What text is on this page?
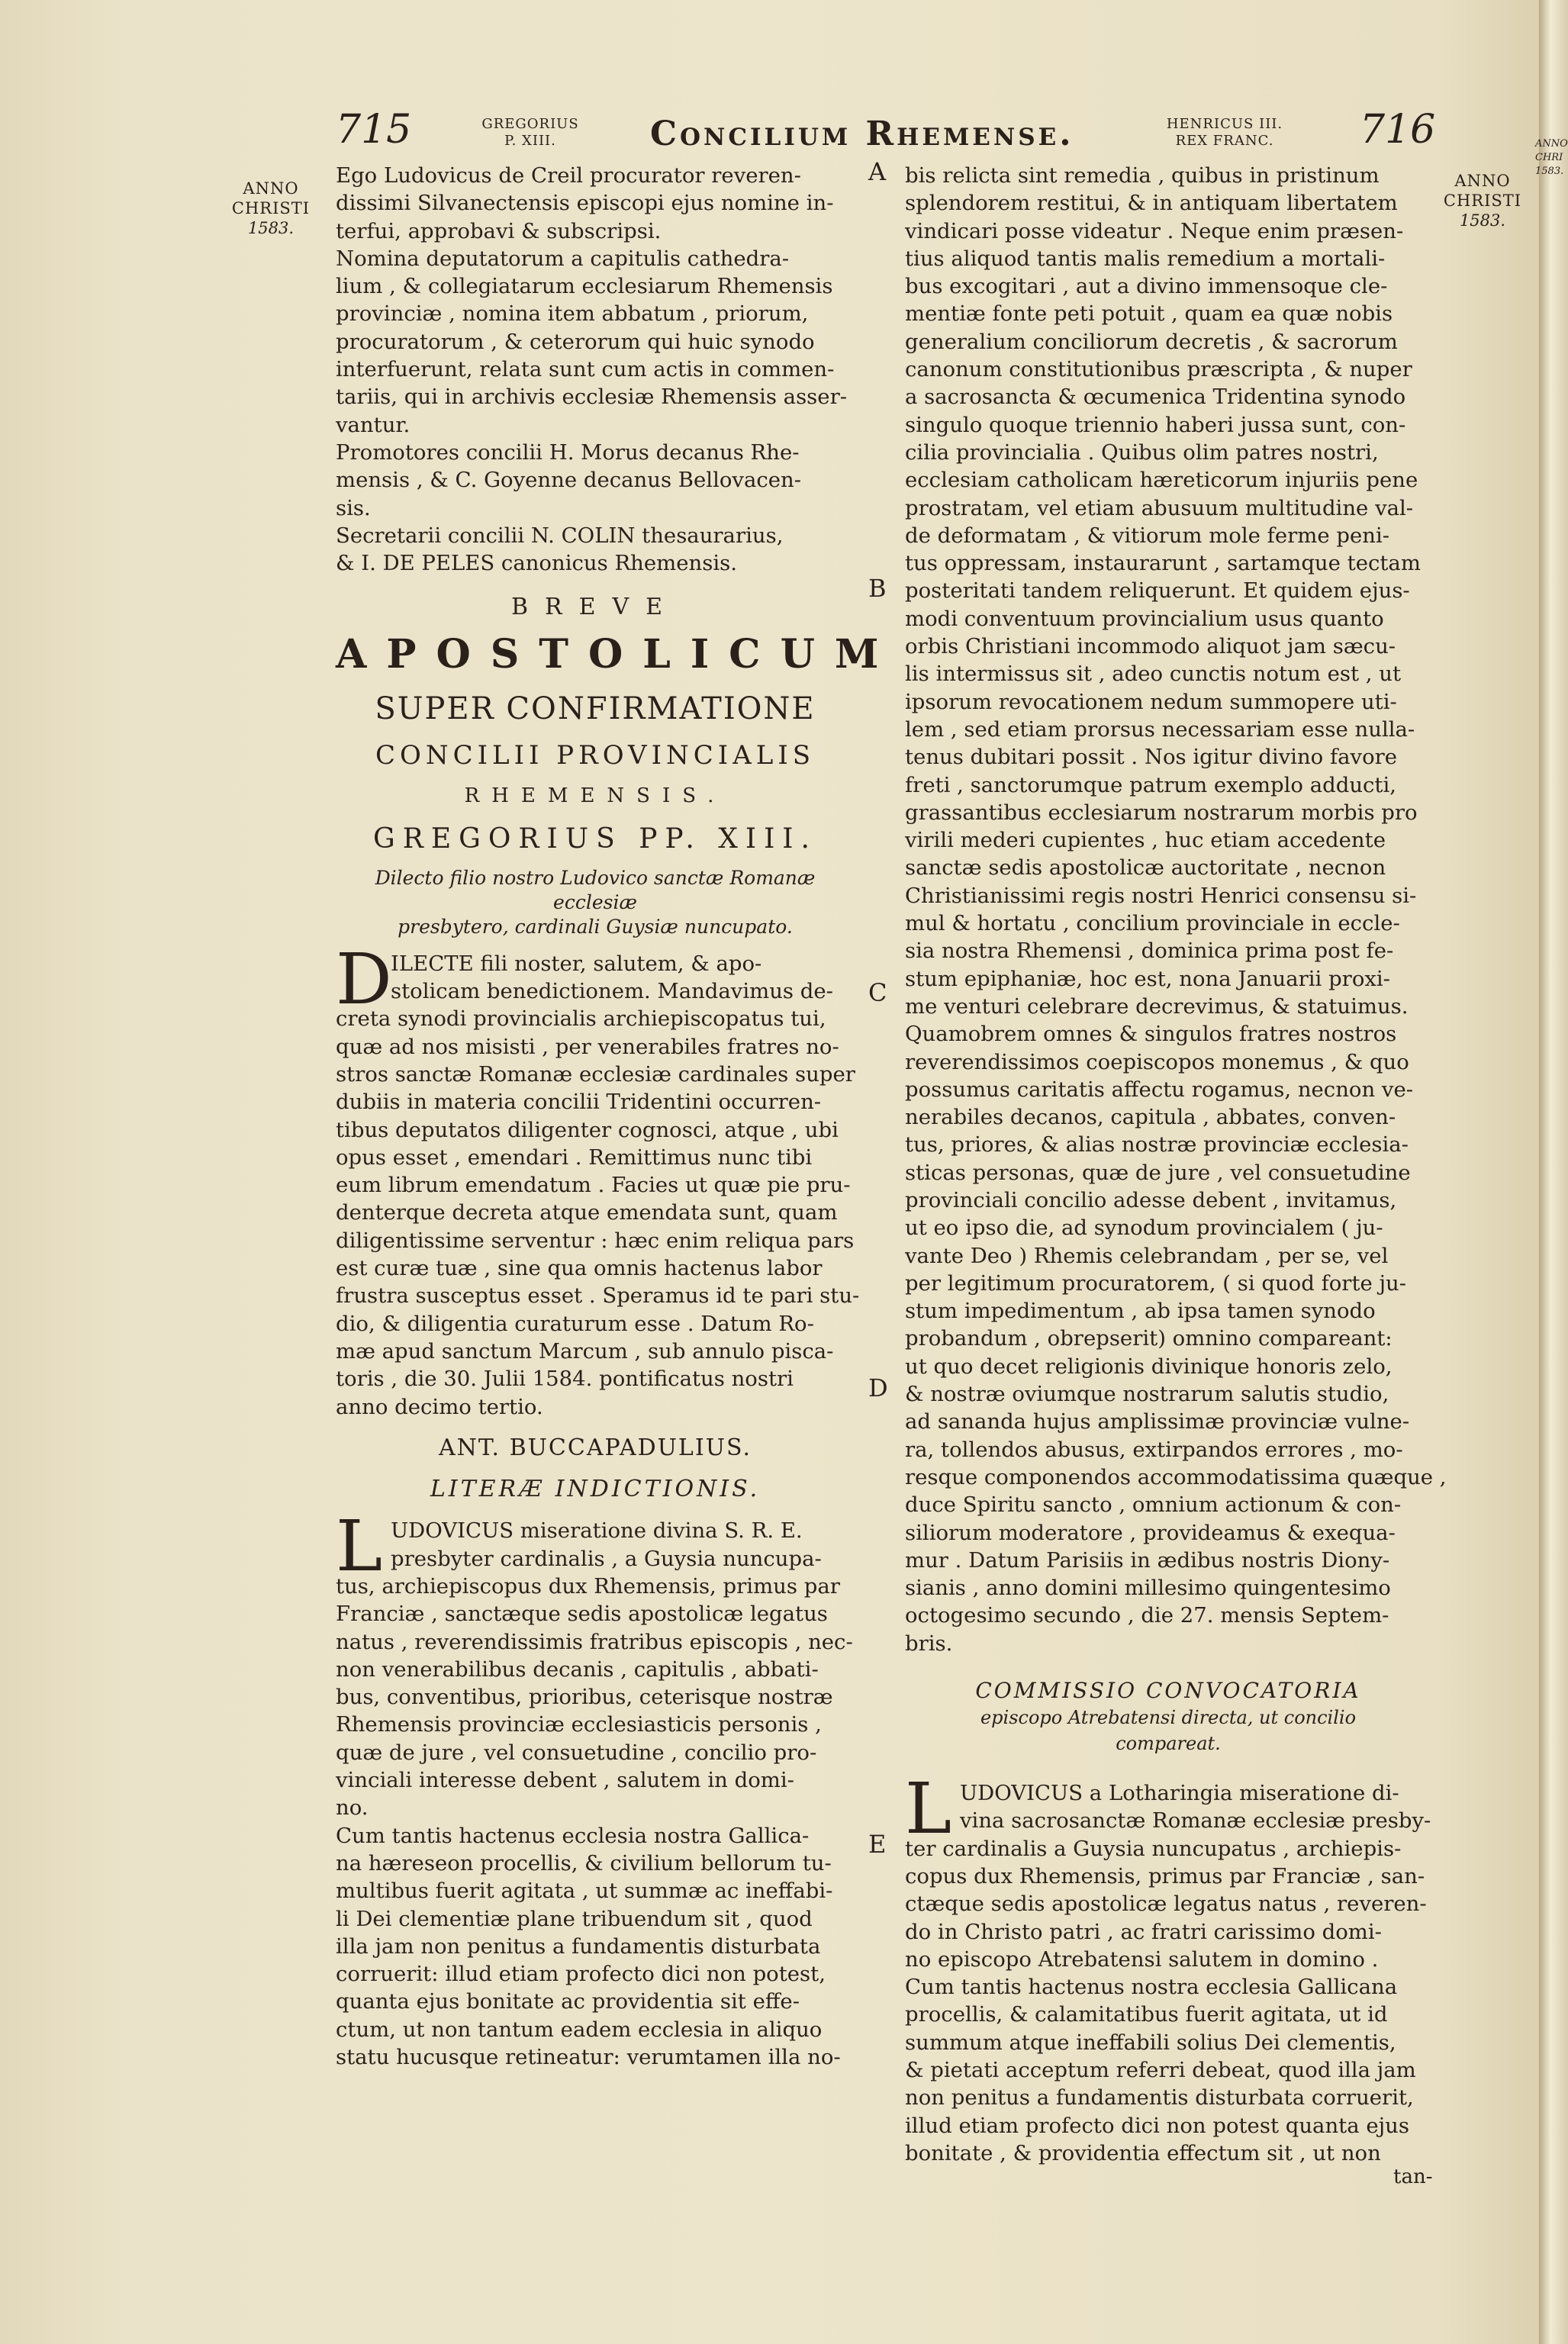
715	GREGORIUS
P. XIII.	Concilium Rhemense.	HENRICUS III.
REX FRANC.	716
ANNO
CHRISTI
1583.
ANNO
CHRISTI
1583.
ANNO
CHRI
1583.
A
B
C
D
E
Ego Ludovicus de Creil procurator reveren-
dissimi Silvanectensis episcopi ejus nomine in-
terfui, approbavi & subscripsi.
Nomina deputatorum a capitulis cathedra-
lium , & collegiatarum ecclesiarum Rhemensis
provinciæ , nomina item abbatum , priorum,
procuratorum , & ceterorum qui huic synodo
interfuerunt, relata sunt cum actis in commen-
tariis, qui in archivis ecclesiæ Rhemensis asser-
vantur.
Promotores concilii H. Morus decanus Rhe-
mensis , & C. Goyenne decanus Bellovacen-
sis.
Secretarii concilii N. COLIN thesaurarius,
& I. DE PELES canonicus Rhemensis.
BREVE
APOSTOLICUM
SUPER CONFIRMATIONE
CONCILII PROVINCIALIS
RHEMENSIS.
GREGORIUS PP. XIII.
Dilecto filio nostro Ludovico sanctæ Romanæ ecclesiæ
presbytero, cardinali Guysiæ nuncupato.
D
ILECTE fili noster, salutem, & apo-
stolicam benedictionem. Mandavimus de-
creta synodi provincialis archiepiscopatus tui,
quæ ad nos misisti , per venerabiles fratres no-
stros sanctæ Romanæ ecclesiæ cardinales super
dubiis in materia concilii Tridentini occurren-
tibus deputatos diligenter cognosci, atque , ubi
opus esset , emendari . Remittimus nunc tibi
eum librum emendatum . Facies ut quæ pie pru-
denterque decreta atque emendata sunt, quam
diligentissime serventur : hæc enim reliqua pars
est curæ tuæ , sine qua omnis hactenus labor
frustra susceptus esset . Speramus id te pari stu-
dio, & diligentia curaturum esse . Datum Ro-
mæ apud sanctum Marcum , sub annulo pisca-
toris , die 30. Julii 1584. pontificatus nostri
anno decimo tertio.
ANT. BUCCAPADULIUS.
LITERÆ INDICTIONIS.
L UDOVICUS miseratione divina S. R. E.
presbyter cardinalis , a Guysia nuncupa-
tus, archiepiscopus dux Rhemensis, primus par
Franciæ , sanctæque sedis apostolicæ legatus
natus , reverendissimis fratribus episcopis , nec-
non venerabilibus decanis , capitulis , abbati-
bus, conventibus, prioribus, ceterisque nostræ
Rhemensis provinciæ ecclesiasticis personis ,
quæ de jure , vel consuetudine , concilio pro-
vinciali interesse debent , salutem in domi-
no.
Cum tantis hactenus ecclesia nostra Gallica-
na hæreseon procellis, & civilium bellorum tu-
multibus fuerit agitata , ut summæ ac ineffabi-
li Dei clementiæ plane tribuendum sit , quod
illa jam non penitus a fundamentis disturbata
corruerit: illud etiam profecto dici non potest,
quanta ejus bonitate ac providentia sit effe-
ctum, ut non tantum eadem ecclesia in aliquo
statu hucusque retineatur: verumtamen illa no-
bis relicta sint remedia , quibus in pristinum
splendorem restitui, & in antiquam libertatem
vindicari posse videatur . Neque enim præsen-
tius aliquod tantis malis remedium a mortali-
bus excogitari , aut a divino immensoque cle-
mentiæ fonte peti potuit , quam ea quæ nobis
generalium conciliorum decretis , & sacrorum
canonum constitutionibus præscripta , & nuper
a sacrosancta & œcumenica Tridentina synodo
singulo quoque triennio haberi jussa sunt, con-
cilia provincialia . Quibus olim patres nostri,
ecclesiam catholicam hæreticorum injuriis pene
prostratam, vel etiam abusuum multitudine val-
de deformatam , & vitiorum mole ferme peni-
tus oppressam, instaurarunt , sartamque tectam
posteritati tandem reliquerunt. Et quidem ejus-
modi conventuum provincialium usus quanto
orbis Christiani incommodo aliquot jam sæcu-
lis intermissus sit , adeo cunctis notum est , ut
ipsorum revocationem nedum summopere uti-
lem , sed etiam prorsus necessariam esse nulla-
tenus dubitari possit . Nos igitur divino favore
freti , sanctorumque patrum exemplo adducti,
grassantibus ecclesiarum nostrarum morbis pro
virili mederi cupientes , huc etiam accedente
sanctæ sedis apostolicæ auctoritate , necnon
Christianissimi regis nostri Henrici consensu si-
mul & hortatu , concilium provinciale in eccle-
sia nostra Rhemensi , dominica prima post fe-
stum epiphaniæ, hoc est, nona Januarii proxi-
me venturi celebrare decrevimus, & statuimus.
Quamobrem omnes & singulos fratres nostros
reverendissimos coepiscopos monemus , & quo
possumus caritatis affectu rogamus, necnon ve-
nerabiles decanos, capitula , abbates, conven-
tus, priores, & alias nostræ provinciæ ecclesia-
sticas personas, quæ de jure , vel consuetudine
provinciali concilio adesse debent , invitamus,
ut eo ipso die, ad synodum provincialem ( ju-
vante Deo ) Rhemis celebrandam , per se, vel
per legitimum procuratorem, ( si quod forte ju-
stum impedimentum , ab ipsa tamen synodo
probandum , obrepserit) omnino compareant:
ut quo decet religionis divinique honoris zelo,
& nostræ oviumque nostrarum salutis studio,
ad sananda hujus amplissimæ provinciæ vulne-
ra, tollendos abusus, extirpandos errores , mo-
resque componendos accommodatissima quæque ,
duce Spiritu sancto , omnium actionum & con-
siliorum moderatore , provideamus & exequa-
mur . Datum Parisiis in ædibus nostris Diony-
sianis , anno domini millesimo quingentesimo
octogesimo secundo , die 27. mensis Septem-
bris.
COMMISSIO CONVOCATORIA
episcopo Atrebatensi directa, ut concilio
compareat.
L UDOVICUS a Lotharingia miseratione di-
vina sacrosanctæ Romanæ ecclesiæ presby-
ter cardinalis a Guysia nuncupatus , archiepis-
copus dux Rhemensis, primus par Franciæ , san-
ctæque sedis apostolicæ legatus natus , reveren-
do in Christo patri , ac fratri carissimo domi-
no episcopo Atrebatensi salutem in domino .
Cum tantis hactenus nostra ecclesia Gallicana
procellis, & calamitatibus fuerit agitata, ut id
summum atque ineffabili solius Dei clementis,
& pietati acceptum referri debeat, quod illa jam
non penitus a fundamentis disturbata corruerit,
illud etiam profecto dici non potest quanta ejus
bonitate , & providentia effectum sit , ut non
tan-
